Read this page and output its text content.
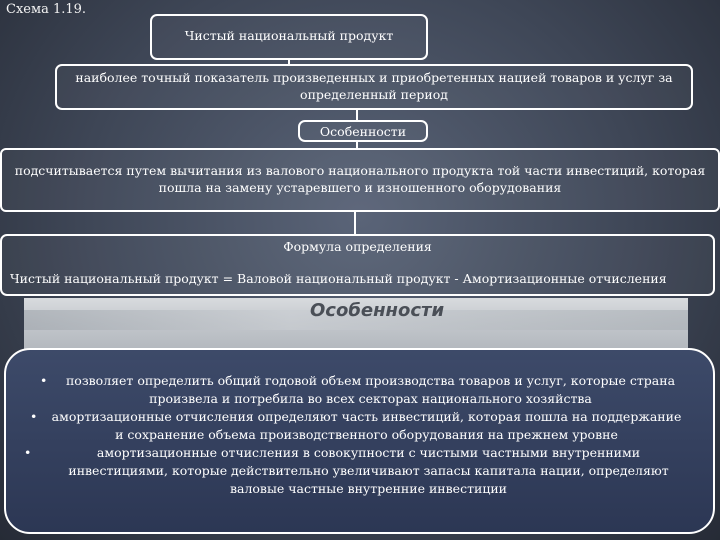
Схема 1.19.
Чистый национальный продукт
наиболее точный показатель произведенных и приобретенных нацией товаров и услуг за определенный период
Особенности
подсчитывается путем вычитания из валового национального продукта той части инвестиций, которая пошла на замену устаревшего и изношенного оборудования
Формула определения
Чистый национальный продукт = Валовой национальный продукт - Амортизационные отчисления
Особенности
• позволяет определить общий годовой объем производства товаров и услуг, которые страна произвела и потребила во всех секторах национального хозяйства
• амортизационные отчисления определяют часть инвестиций, которая пошла на поддержание и сохранение объема производственного оборудования на прежнем уровне
•	амортизационные отчисления в совокупности с чистыми частными внутренними инвестициями, которые действительно увеличивают запасы капитала нации, определяют валовые частные внутренние инвестиции
